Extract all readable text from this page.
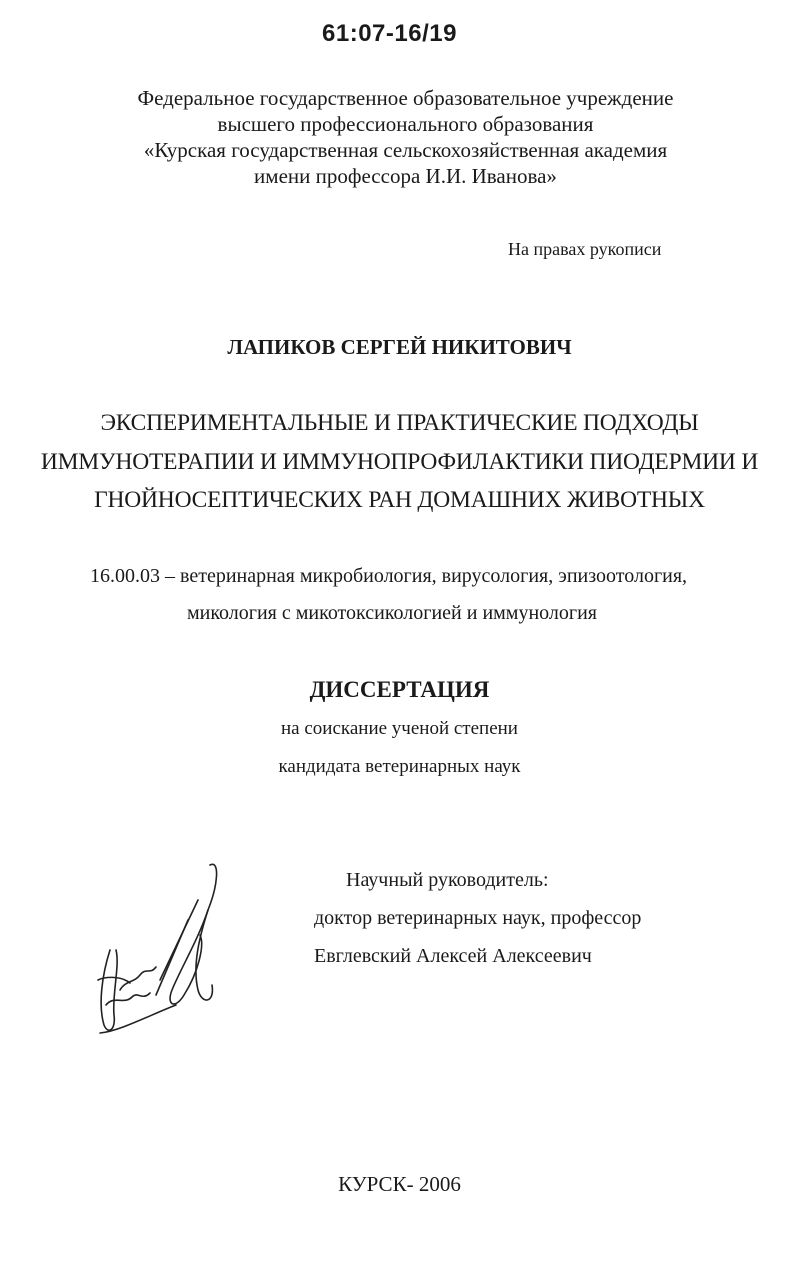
61:07-16/19
Федеральное государственное образовательное учреждение
высшего профессионального образования
«Курская государственная сельскохозяйственная академия
имени профессора И.И. Иванова»
На правах рукописи
ЛАПИКОВ СЕРГЕЙ НИКИТОВИЧ
ЭКСПЕРИМЕНТАЛЬНЫЕ И ПРАКТИЧЕСКИЕ ПОДХОДЫ
ИММУНОТЕРАПИИ И ИММУНОПРОФИЛАКТИКИ ПИОДЕРМИИ И
ГНОЙНОСЕПТИЧЕСКИХ РАН ДОМАШНИХ ЖИВОТНЫХ
16.00.03 – ветеринарная микробиология, вирусология, эпизоотология,
микология с микотоксикологией и иммунология
ДИССЕРТАЦИЯ
на соискание ученой степени
кандидата ветеринарных наук
Научный руководитель:
доктор ветеринарных наук, профессор
Евглевский Алексей Алексеевич
КУРСК- 2006
